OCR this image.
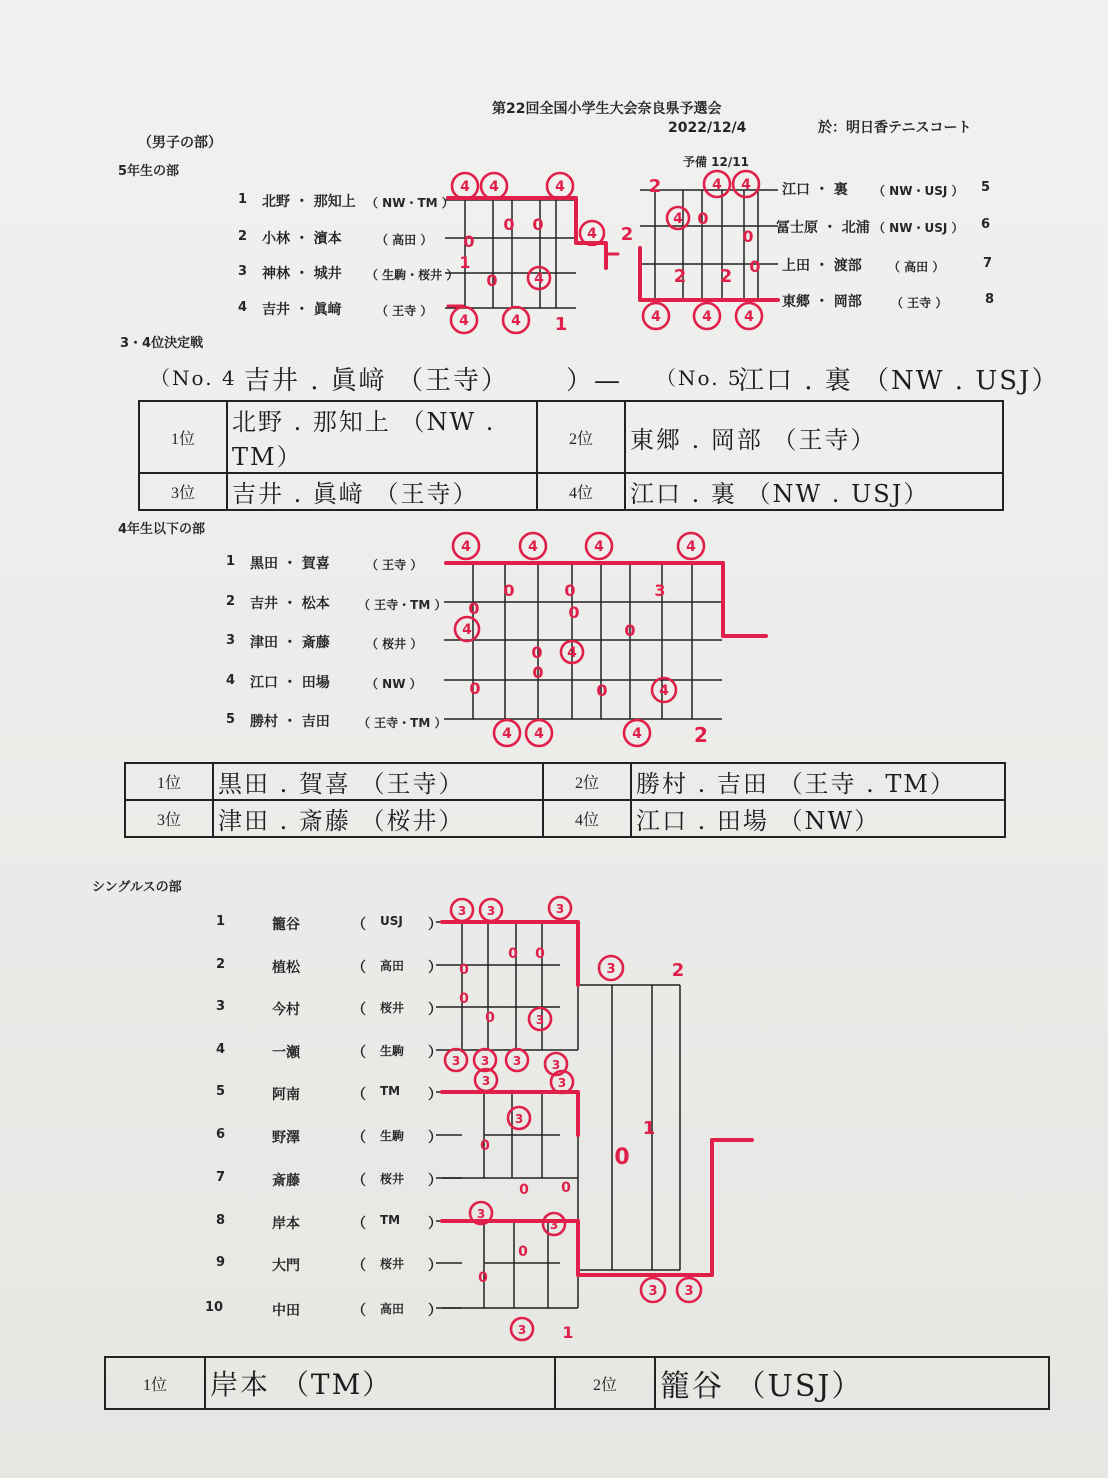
第22回全国小学生大会奈良県予選会
（男子の部）
2022/12/4	於：明日香テニスコート
5年生の部
予備 12/11
1 北野 ・ 那知上 （ NW・TM ）
2 小林 ・ 濱本	（ 高田 ）
3 神林 ・ 城井 （ 生駒・桜井 ）
4 吉井 ・ 眞﨑	（ 王寺 ）
江口 ・ 裏 （ NW・USJ ） 5
冨士原 ・ 北浦 （ NW・USJ ） 6
上田 ・ 渡部 （ 高田 ）	7
東郷 ・ 岡部 （ 王寺 ）	8
3・4位決定戦
（No. 4 吉井 . 眞﨑 （王寺） ）— （No. 5
江口 . 裏 （NW . USJ）
1位	北野 . 那知上 （NW . TM）	2位	東郷 . 岡部 （王寺）
3位	吉井 . 眞﨑 （王寺）	4位	江口 . 裏 （NW . USJ）
4年生以下の部
1 黒田 ・ 賀喜	（ 王寺 ）
2 吉井 ・ 松本 （ 王寺・TM ）
3 津田 ・ 斎藤	（ 桜井 ）
4 江口 ・ 田場	（ NW ）
5 勝村 ・ 吉田 （ 王寺・TM ）
1位	黒田 . 賀喜 （王寺）	2位	勝村 . 吉田 （王寺 . TM）
3位	津田 . 斎藤 （桜井）	4位	江口 . 田場 （NW）
シングルスの部
1位	岸本 （TM）	2位	籠谷 （USJ）
4 4	4
4	4 1
0
0 0
1
0	4
4
4 4
2
2
4 0
0
0
2 2
4	4 4
4	4	4	4
0
0	0	3
4
0
0
0 4
0
0	0	4
4 4	4	2
3 3	3
3 3 3	3
0
0 0
0
0	3
3	3
3
0
0 0
3
0
0
3
3 1
3	2
0
1
3 3
1	籠谷	（ USJ ）
2	植松	（ 高田 ）
3	今村	（ 桜井 ）
4	一瀬	（ 生駒 ）
5	阿南	（ TM ）
6	野澤	（ 生駒 ）
7	斎藤	（ 桜井 ）
8	岸本	（ TM ）
9	大門	（ 桜井 ）
10	中田	（ 高田 ）
